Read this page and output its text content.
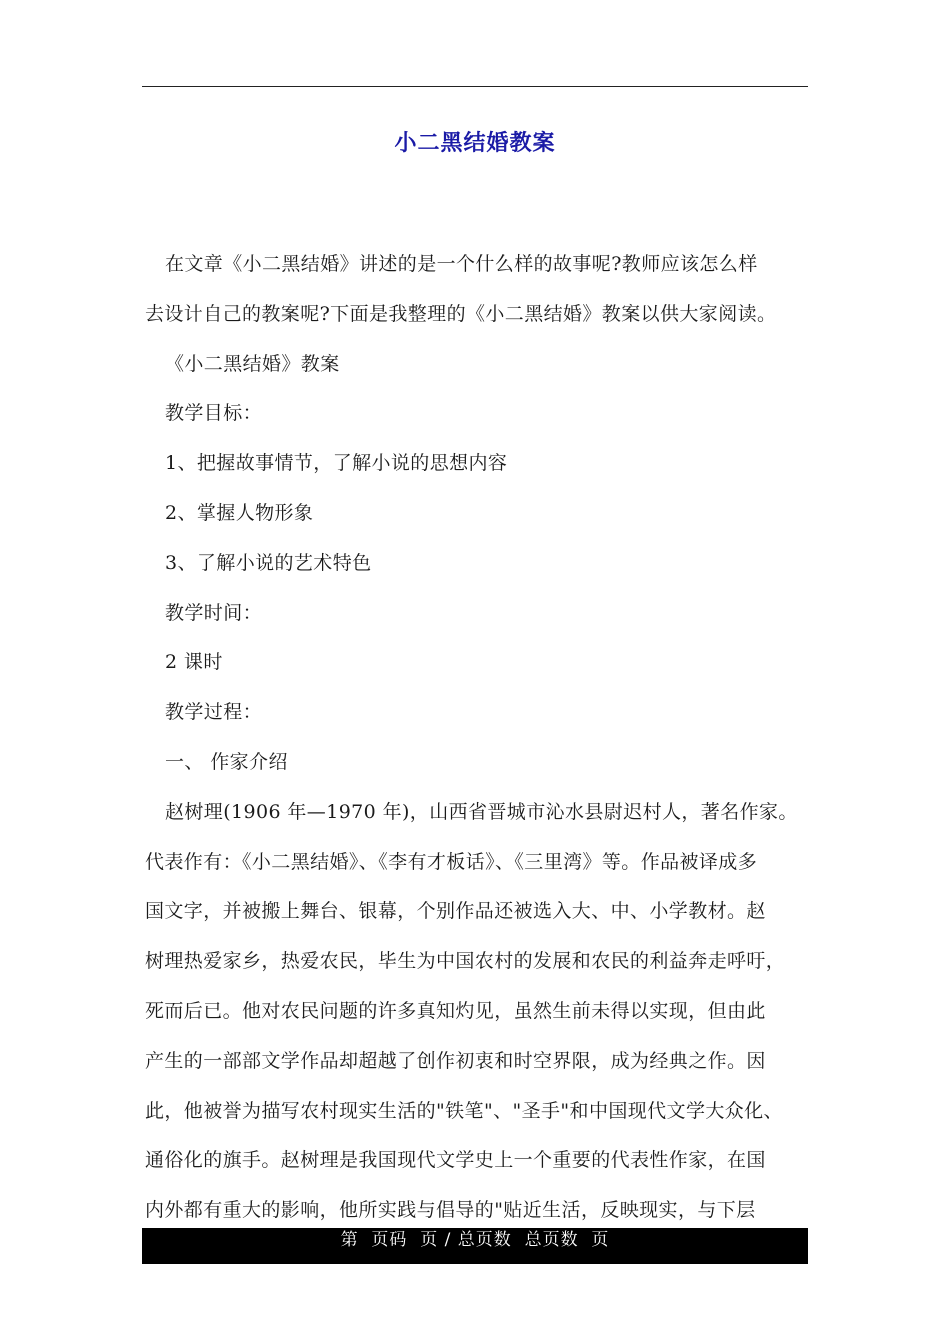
小二黑结婚教案
在文章《小二黑结婚》讲述的是一个什么样的故事呢?教师应该怎么样
去设计自己的教案呢?下面是我整理的《小二黑结婚》教案以供大家阅读。
《小二黑结婚》教案
教学目标：
1、把握故事情节，了解小说的思想内容
2、掌握人物形象
3、了解小说的艺术特色
教学时间：
2 课时
教学过程：
一、 作家介绍
赵树理(1906 年—1970 年)，山西省晋城市沁水县尉迟村人，著名作家。
代表作有：《小二黑结婚》、《李有才板话》、《三里湾》等。作品被译成多
国文字，并被搬上舞台、银幕，个别作品还被选入大、中、小学教材。赵
树理热爱家乡，热爱农民，毕生为中国农村的发展和农民的利益奔走呼吁，
死而后已。他对农民问题的许多真知灼见，虽然生前未得以实现，但由此
产生的一部部文学作品却超越了创作初衷和时空界限，成为经典之作。因
此，他被誉为描写农村现实生活的"铁笔"、"圣手"和中国现代文学大众化、
通俗化的旗手。赵树理是我国现代文学史上一个重要的代表性作家，在国
内外都有重大的影响，他所实践与倡导的"贴近生活，反映现实，与下层
第  页码  页 / 总页数  总页数  页
